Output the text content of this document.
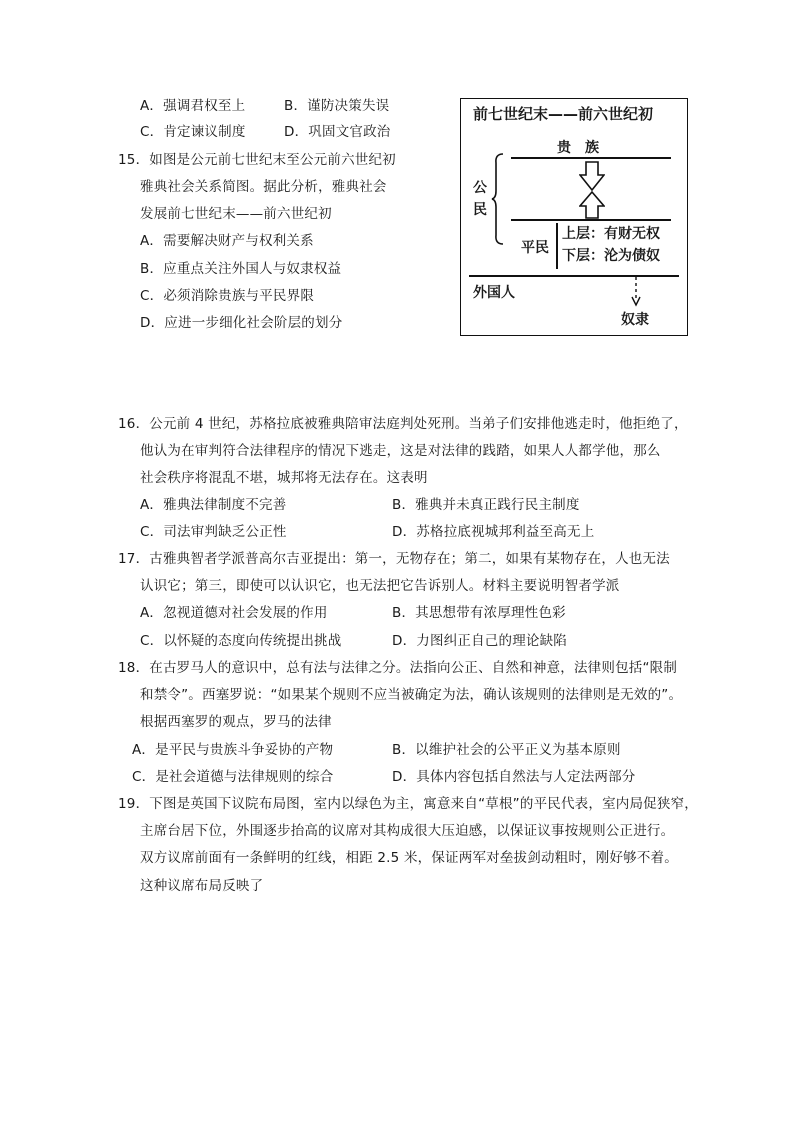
A．强调君权至上	B．谨防决策失误
C．肯定谏议制度	D．巩固文官政治
15．如图是公元前七世纪末至公元前六世纪初
雅典社会关系简图。据此分析，雅典社会
发展前七世纪末——前六世纪初
A．需要解决财产与权利关系
B．应重点关注外国人与奴隶权益
C．必须消除贵族与平民界限
D．应进一步细化社会阶层的划分
前七世纪末——前六世纪初
贵　族
公
民
平民
上层：有财无权
下层：沦为债奴
外国人
奴隶
16．公元前 4 世纪，苏格拉底被雅典陪审法庭判处死刑。当弟子们安排他逃走时，他拒绝了，
他认为在审判符合法律程序的情况下逃走，这是对法律的践踏，如果人人都学他，那么
社会秩序将混乱不堪，城邦将无法存在。这表明
A．雅典法律制度不完善	B．雅典并未真正践行民主制度
C．司法审判缺乏公正性	D．苏格拉底视城邦利益至高无上
17．古雅典智者学派普高尔吉亚提出：第一，无物存在；第二，如果有某物存在，人也无法
认识它；第三，即使可以认识它，也无法把它告诉别人。材料主要说明智者学派
A．忽视道德对社会发展的作用	B．其思想带有浓厚理性色彩
C．以怀疑的态度向传统提出挑战	D．力图纠正自己的理论缺陷
18．在古罗马人的意识中，总有法与法律之分。法指向公正、自然和神意，法律则包括“限制
和禁令”。西塞罗说：“如果某个规则不应当被确定为法，确认该规则的法律则是无效的”。
根据西塞罗的观点，罗马的法律
A．是平民与贵族斗争妥协的产物	B．以维护社会的公平正义为基本原则
C．是社会道德与法律规则的综合	D．具体内容包括自然法与人定法两部分
19．下图是英国下议院布局图，室内以绿色为主，寓意来自“草根”的平民代表，室内局促狭窄，
主席台居下位，外围逐步抬高的议席对其构成很大压迫感，以保证议事按规则公正进行。
双方议席前面有一条鲜明的红线，相距 2.5 米，保证两军对垒拔剑动粗时，刚好够不着。
这种议席布局反映了
